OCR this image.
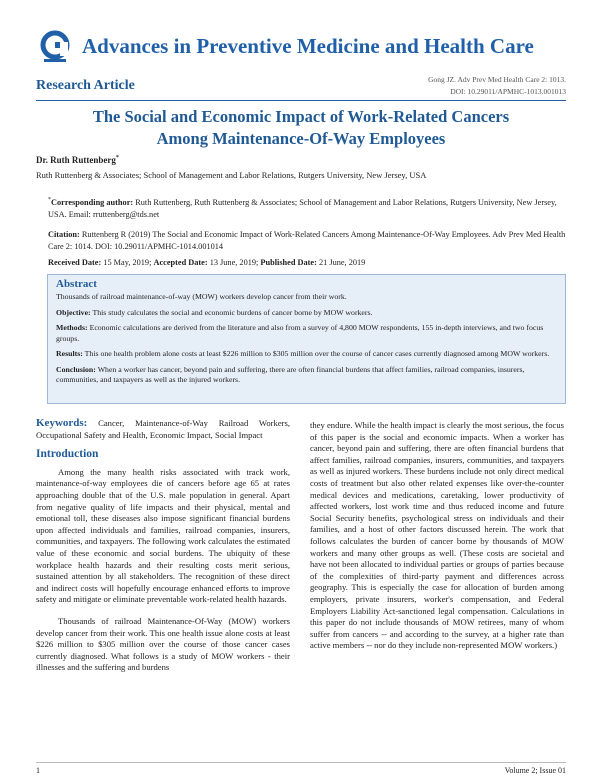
Advances in Preventive Medicine and Health Care
Research Article	Gong JZ. Adv Prev Med Health Care 2: 1013.
DOI: 10.29011/APMHC-1013.001013
The Social and Economic Impact of Work-Related Cancers
Among Maintenance-Of-Way Employees
Dr. Ruth Ruttenberg*
Ruth Ruttenberg & Associates; School of Management and Labor Relations, Rutgers University, New Jersey, USA

*Corresponding author: Ruth Ruttenberg, Ruth Ruttenberg & Associates; School of Management and Labor Relations, Rutgers University, New Jersey, USA. Email: rruttenberg@tds.net

Citation: Ruttenberg R (2019) The Social and Economic Impact of Work-Related Cancers Among Maintenance-Of-Way Employees. Adv Prev Med Health Care 2: 1014. DOI: 10.29011/APMHC-1014.001014

Received Date: 15 May, 2019; Accepted Date: 13 June, 2019; Published Date: 21 June, 2019
Abstract

Thousands of railroad maintenance-of-way (MOW) workers develop cancer from their work.

Objective: This study calculates the social and economic burdens of cancer borne by MOW workers.

Methods: Economic calculations are derived from the literature and also from a survey of 4,800 MOW respondents, 155 in-depth interviews, and two focus groups.

Results: This one health problem alone costs at least $226 million to $305 million over the course of cancer cases currently diagnosed among MOW workers.

Conclusion: When a worker has cancer, beyond pain and suffering, there are often financial burdens that affect families, railroad companies, insurers, communities, and taxpayers as well as the injured workers.

Keywords: Cancer, Maintenance-of-Way Railroad Workers, Occupational Safety and Health, Economic Impact, Social Impact

Introduction

Among the many health risks associated with track work, maintenance-of-way employees die of cancers before age 65 at rates approaching double that of the U.S. male population in general. Apart from negative quality of life impacts and their physical, mental and emotional toll, these diseases also impose significant financial burdens upon affected individuals and families, railroad companies, insurers, communities, and taxpayers. The following work calculates the estimated value of these economic and social burdens. The ubiquity of these workplace health hazards and their resulting costs merit serious, sustained attention by all stakeholders. The recognition of these direct and indirect costs will hopefully encourage enhanced efforts to improve safety and mitigate or eliminate preventable work-related health hazards.

Thousands of railroad Maintenance-Of-Way (MOW) workers develop cancer from their work. This one health issue alone costs at least $226 million to $305 million over the course of those cancer cases currently diagnosed. What follows is a study of MOW workers - their illnesses and the suffering and burdens

they endure. While the health impact is clearly the most serious, the focus of this paper is the social and economic impacts. When a worker has cancer, beyond pain and suffering, there are often financial burdens that affect families, railroad companies, insurers, communities, and taxpayers as well as injured workers. These burdens include not only direct medical costs of treatment but also other related expenses like over-the-counter medical devices and medications, caretaking, lower productivity of affected workers, lost work time and thus reduced income and future Social Security benefits, psychological stress on individuals and their families, and a host of other factors discussed herein. The work that follows calculates the burden of cancer borne by thousands of MOW workers and many other groups as well. (These costs are societal and have not been allocated to individual parties or groups of parties because of the complexities of third-party payment and differences across geography. This is especially the case for allocation of burden among employers, private insurers, worker's compensation, and Federal Employers Liability Act-sanctioned legal compensation. Calculations in this paper do not include thousands of MOW retirees, many of whom suffer from cancers -- and according to the survey, at a higher rate than active members -- nor do they include non-represented MOW workers.)

1	Volume 2; Issue 01
